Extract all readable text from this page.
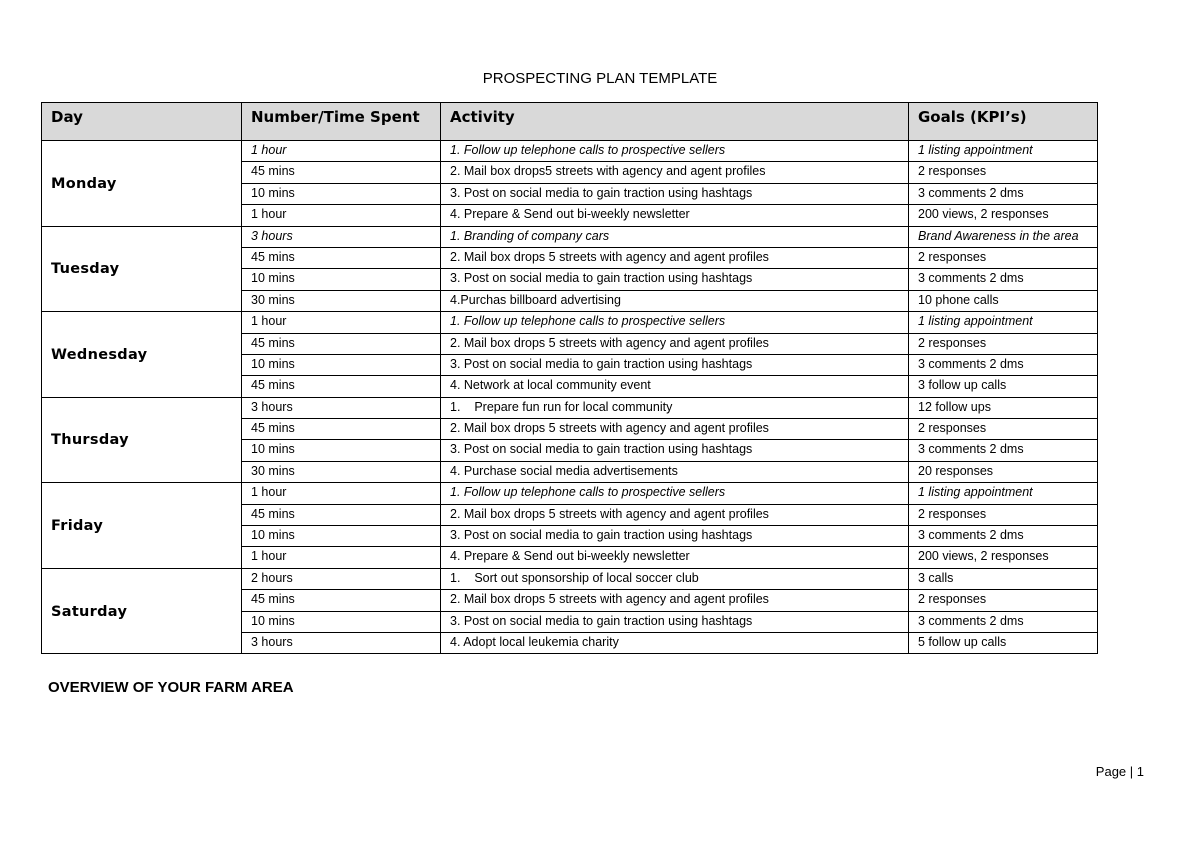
PROSPECTING PLAN TEMPLATE
Day	Number/Time Spent	Activity	Goals (KPI’s)
Monday	1 hour	1. Follow up telephone calls to prospective sellers	1 listing appointment
	45 mins	2. Mail box drops5 streets with agency and agent profiles	2 responses
	10 mins	3. Post on social media to gain traction using hashtags	3 comments 2 dms
	1 hour	4. Prepare & Send out bi-weekly newsletter	200 views, 2 responses
Tuesday	3 hours	1. Branding of company cars	Brand Awareness in the area
	45 mins	2. Mail box drops 5 streets with agency and agent profiles	2 responses
	10 mins	3. Post on social media to gain traction using hashtags	3 comments 2 dms
	30 mins	4.Purchas billboard advertising	10 phone calls
Wednesday	1 hour	1. Follow up telephone calls to prospective sellers	1 listing appointment
	45 mins	2. Mail box drops 5 streets with agency and agent profiles	2 responses
	10 mins	3. Post on social media to gain traction using hashtags	3 comments 2 dms
	45 mins	4. Network at local community event	3 follow up calls
Thursday	3 hours	1.    Prepare fun run for local community	12 follow ups
	45 mins	2. Mail box drops 5 streets with agency and agent profiles	2 responses
	10 mins	3. Post on social media to gain traction using hashtags	3 comments 2 dms
	30 mins	4. Purchase social media advertisements	20 responses
Friday	1 hour	1. Follow up telephone calls to prospective sellers	1 listing appointment
	45 mins	2. Mail box drops 5 streets with agency and agent profiles	2 responses
	10 mins	3. Post on social media to gain traction using hashtags	3 comments 2 dms
	1 hour	4. Prepare & Send out bi-weekly newsletter	200 views, 2 responses
Saturday	2 hours	1.    Sort out sponsorship of local soccer club	3 calls
	45 mins	2. Mail box drops 5 streets with agency and agent profiles	2 responses
	10 mins	3. Post on social media to gain traction using hashtags	3 comments 2 dms
	3 hours	4. Adopt local leukemia charity	5 follow up calls
OVERVIEW OF YOUR FARM AREA
Page | 1
